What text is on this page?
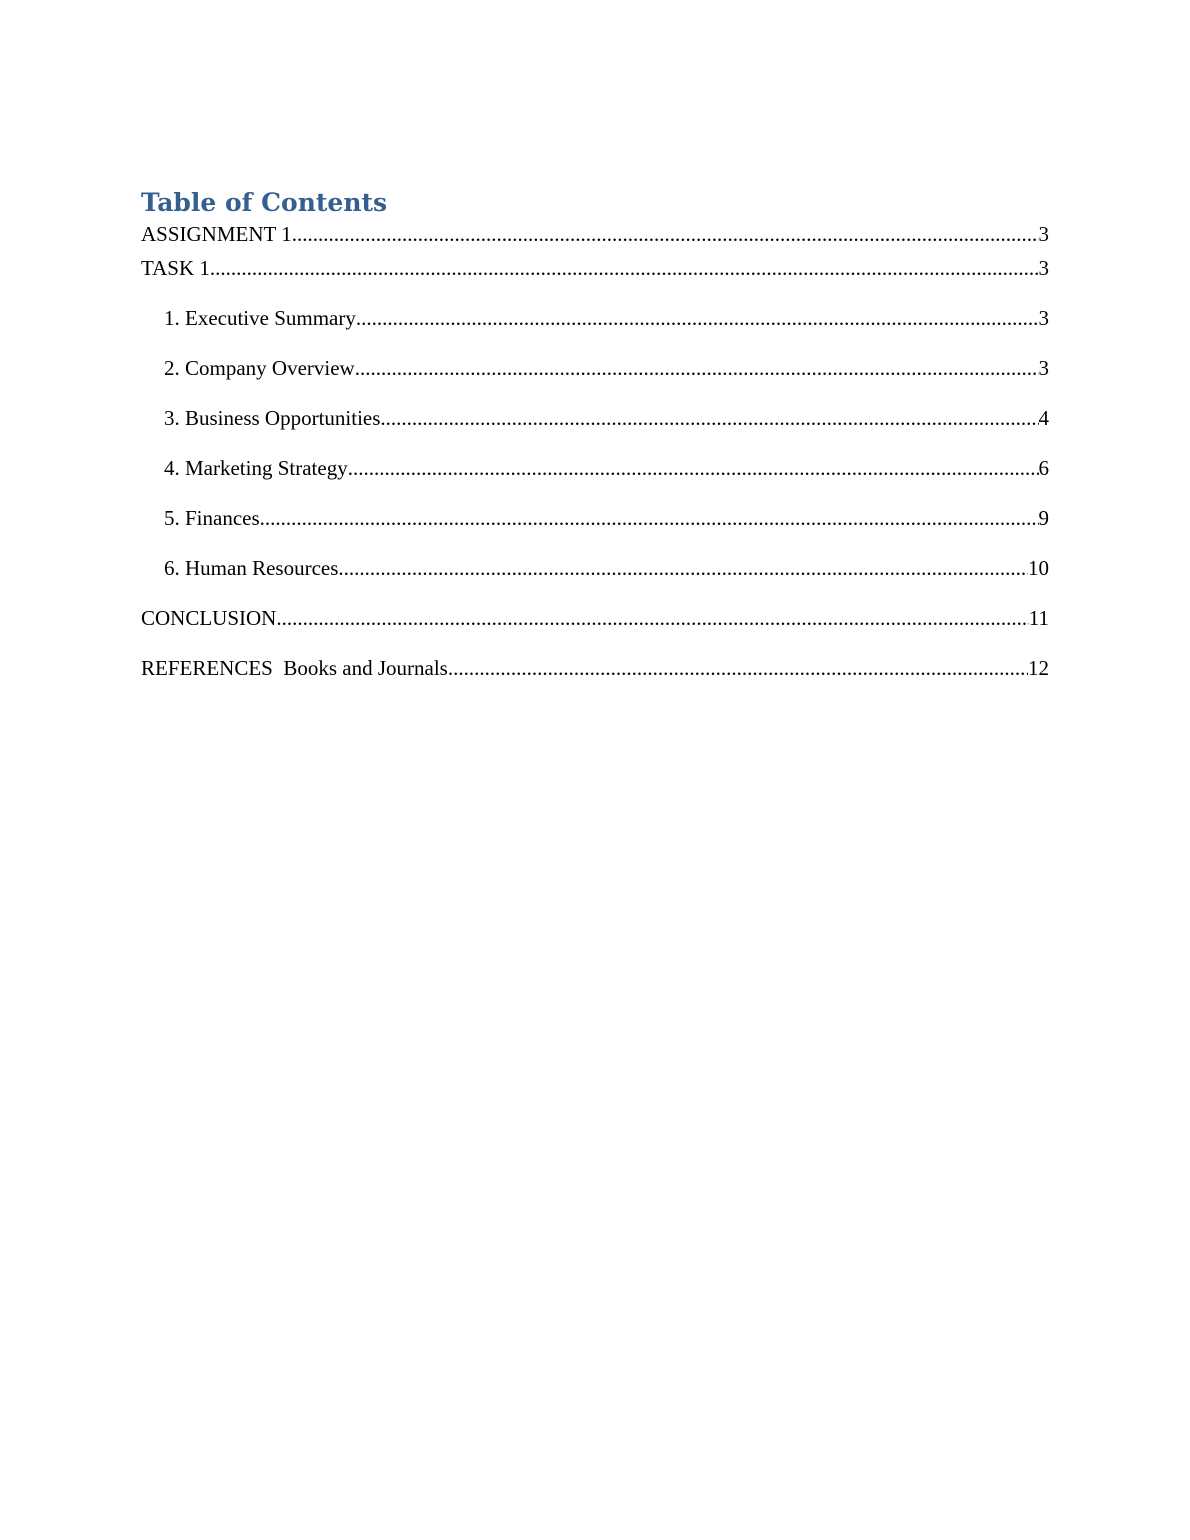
Table of Contents
ASSIGNMENT 1 .....	3
TASK 1 .....	3
1. Executive Summary .....	3
2. Company Overview .....	3
3. Business Opportunities .....	4
4. Marketing Strategy .....	6
5. Finances .....	9
6. Human Resources .....	10
CONCLUSION .....	11
REFERENCES  Books and Journals .....	12
